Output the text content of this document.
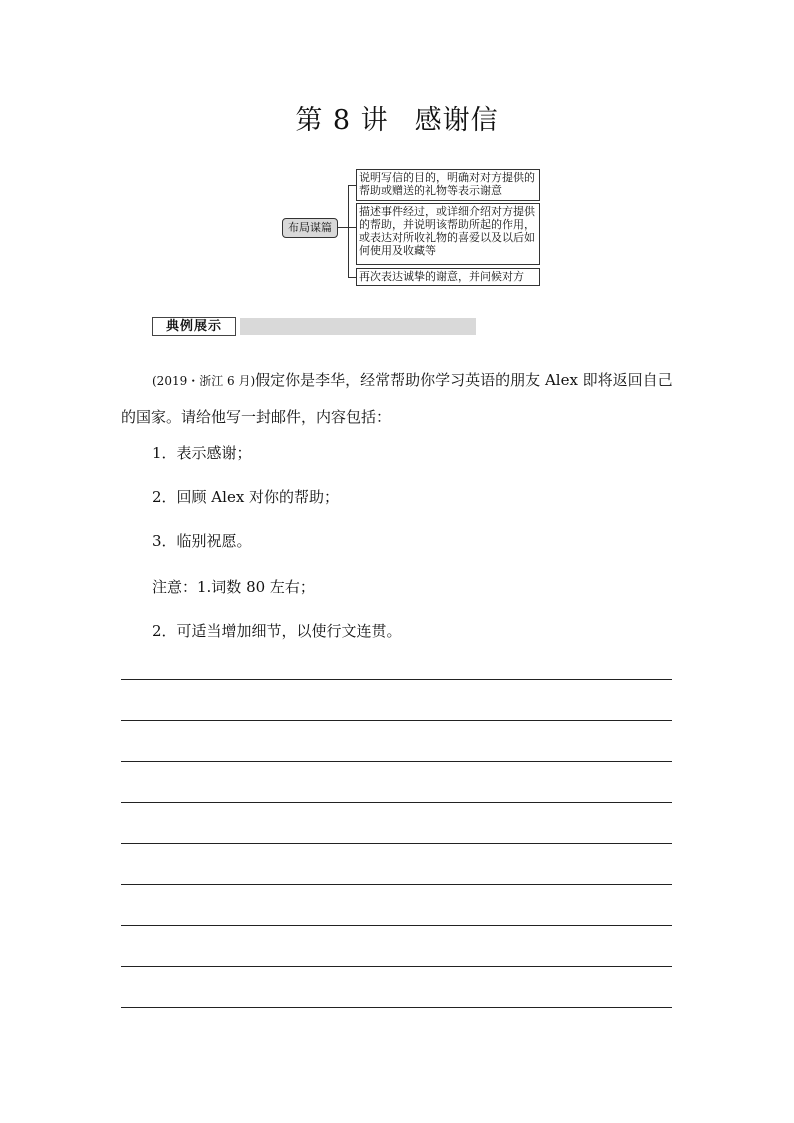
第 8 讲 感谢信
布局谋篇
说明写信的目的，明确对对方提供的帮助或赠送的礼物等表示谢意
描述事件经过，或详细介绍对方提供的帮助，并说明该帮助所起的作用，或表达对所收礼物的喜爱以及以后如何使用及收藏等
再次表达诚挚的谢意，并问候对方
典例展示
(2019・浙江 6 月)假定你是李华，经常帮助你学习英语的朋友 Alex 即将返回自己的国家。请给他写一封邮件，内容包括：
1．表示感谢；
2．回顾 Alex 对你的帮助；
3．临别祝愿。
注意：1.词数 80 左右；
2．可适当增加细节，以使行文连贯。
